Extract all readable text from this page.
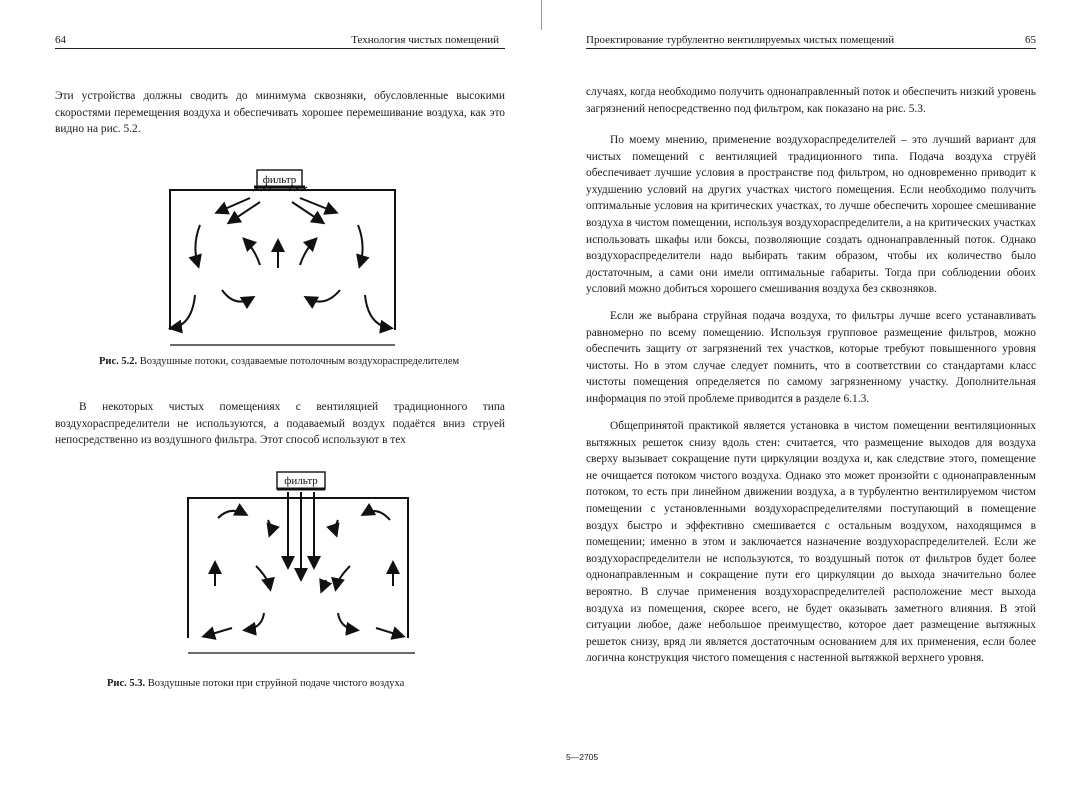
64	Технология чистых помещений

Эти устройства должны сводить до минимума сквозняки, обусловленные высокими скоростями перемещения воздуха и обеспечивать хорошее перемешивание воздуха, как это видно на рис. 5.2.

фильтр
Рис. 5.2. Воздушные потоки, создаваемые потолочным воздухораспределителем

В некоторых чистых помещениях с вентиляцией традиционного типа воздухораспределители не используются, а подаваемый воздух подаётся вниз струей непосредственно из воздушного фильтра. Этот способ используют в тех

фильтр
Рис. 5.3. Воздушные потоки при струйной подаче чистого воздуха
Проектирование турбулентно вентилируемых чистых помещений	65

случаях, когда необходимо получить однонаправленный поток и обеспечить низкий уровень загрязнений непосредственно под фильтром, как показано на рис. 5.3.

По моему мнению, применение воздухораспределителей – это лучший вариант для чистых помещений с вентиляцией традиционного типа. Подача воздуха струёй обеспечивает лучшие условия в пространстве под фильтром, но одновременно приводит к ухудшению условий на других участках чистого помещения. Если необходимо получить оптимальные условия на критических участках, то лучше обеспечить хорошее смешивание воздуха в чистом помещении, используя воздухораспределители, а на критических участках использовать шкафы или боксы, позволяющие создать однонаправленный поток. Однако воздухораспределители надо выбирать таким образом, чтобы их количество было достаточным, а сами они имели оптимальные габариты. Тогда при соблюдении обоих условий можно добиться хорошего смешивания воздуха без сквозняков.

Если же выбрана струйная подача воздуха, то фильтры лучше всего устанавливать равномерно по всему помещению. Используя групповое размещение фильтров, можно обеспечить защиту от загрязнений тех участков, которые требуют повышенного уровня чистоты. Но в этом случае следует помнить, что в соответствии со стандартами класс чистоты помещения определяется по самому загрязненному участку. Дополнительная информация по этой проблеме приводится в разделе 6.1.3.

Общепринятой практикой является установка в чистом помещении вентиляционных вытяжных решеток снизу вдоль стен: считается, что размещение выходов для воздуха сверху вызывает сокращение пути циркуляции воздуха и, как следствие этого, помещение не очищается потоком чистого воздуха. Однако это может произойти с однонаправленным потоком, то есть при линейном движении воздуха, а в турбулентно вентилируемом чистом помещении с установленными воздухораспределителями поступающий в помещение воздух быстро и эффективно смешивается с остальным воздухом, находящимся в помещении; именно в этом и заключается назначение воздухораспределителей. Если же воздухораспределители не используются, то воздушный поток от фильтров будет более однонаправленным и сокращение пути его циркуляции до выхода значительно более вероятно. В случае применения воздухораспределителей расположение мест выхода воздуха из помещения, скорее всего, не будет оказывать заметного влияния. В этой ситуации любое, даже небольшое преимущество, которое дает размещение вытяжных решеток снизу, вряд ли является достаточным основанием для их применения, если более логична конструкция чистого помещения с настенной вытяжкой верхнего уровня.

5—2705
